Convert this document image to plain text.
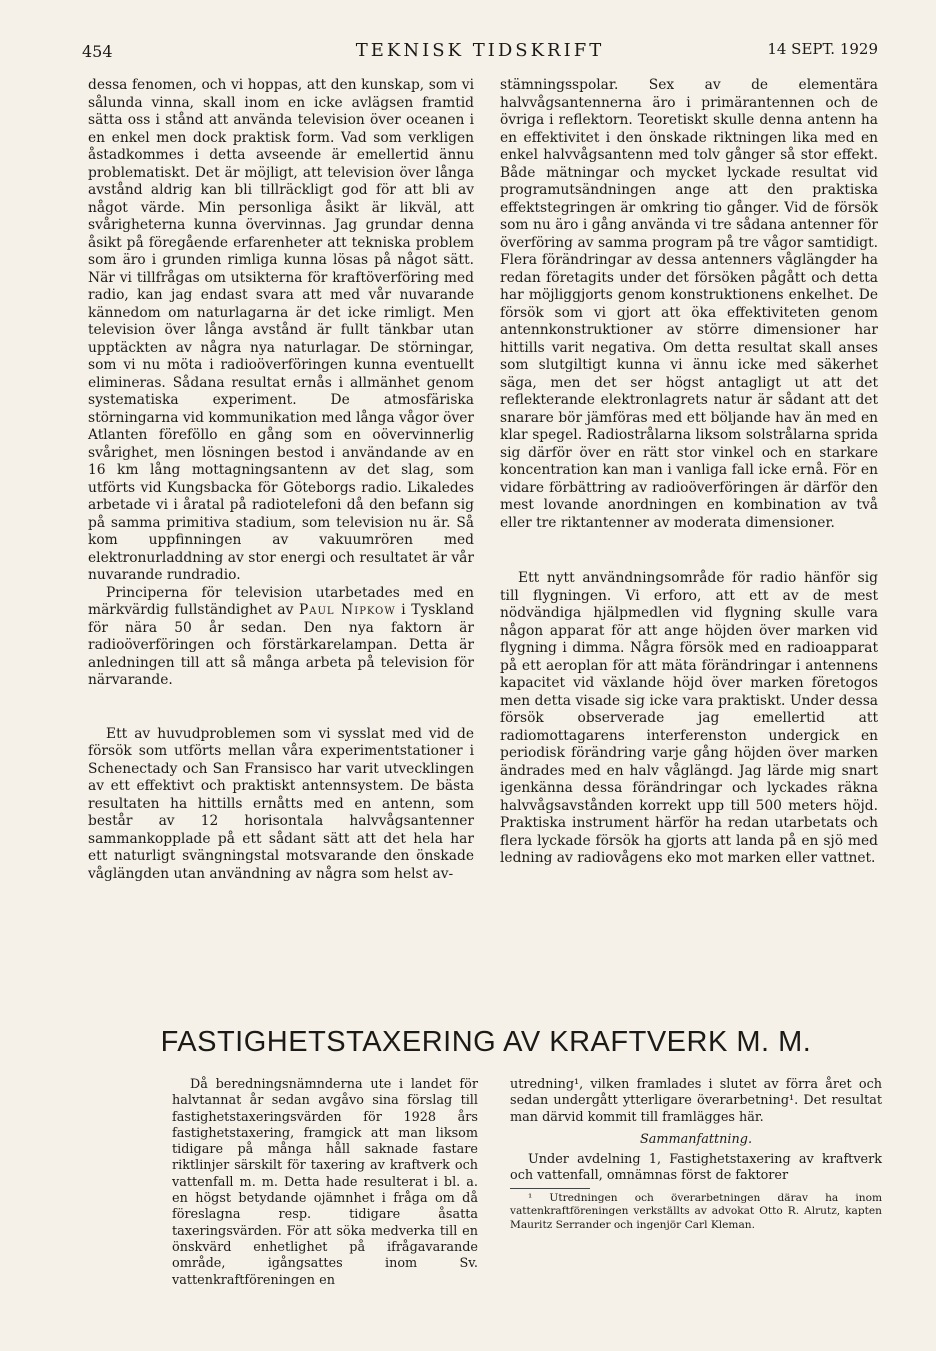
454	TEKNISK TIDSKRIFT	14 SEPT. 1929

dessa fenomen, och vi hoppas, att den kunskap, som vi sålunda vinna, skall inom en icke avlägsen framtid sätta oss i stånd att använda television över oceanen i en enkel men dock praktisk form. Vad som verkligen åstadkommes i detta avseende är emellertid ännu problematiskt. Det är möjligt, att television över långa avstånd aldrig kan bli tillräckligt god för att bli av något värde. Min personliga åsikt är likväl, att svårigheterna kunna övervinnas. Jag grundar denna åsikt på föregående erfarenheter att tekniska problem som äro i grunden rimliga kunna lösas på något sätt. När vi tillfrågas om utsikterna för kraftöverföring med radio, kan jag endast svara att med vår nuvarande kännedom om naturlagarna är det icke rimligt. Men television över långa avstånd är fullt tänkbar utan upptäckten av några nya naturlagar. De störningar, som vi nu möta i radioöverföringen kunna eventuellt elimineras. Sådana resultat ernås i allmänhet genom systematiska experiment. De atmosfäriska störningarna vid kommunikation med långa vågor över Atlanten föreföllo en gång som en oövervinnerlig svårighet, men lösningen bestod i användande av en 16 km lång mottagningsantenn av det slag, som utförts vid Kungsbacka för Göteborgs radio. Likaledes arbetade vi i åratal på radiotelefoni då den befann sig på samma primitiva stadium, som television nu är. Så kom uppfinningen av vakuumrören med elektronurladdning av stor energi och resultatet är vår nuvarande rundradio.

Principerna för television utarbetades med en märkvärdig fullständighet av Paul Nipkow i Tyskland för nära 50 år sedan. Den nya faktorn är radioöverföringen och förstärkarelampan. Detta är anledningen till att så många arbeta på television för närvarande.

Ett av huvudproblemen som vi sysslat med vid de försök som utförts mellan våra experimentstationer i Schenectady och San Fransisco har varit utvecklingen av ett effektivt och praktiskt antennsystem. De bästa resultaten ha hittills ernåtts med en antenn, som består av 12 horisontala halvvågsantenner sammankopplade på ett sådant sätt att det hela har ett naturligt svängningstal motsvarande den önskade våglängden utan användning av några som helst av-

stämningsspolar. Sex av de elementära halvvågsantennerna äro i primärantennen och de övriga i reflektorn. Teoretiskt skulle denna antenn ha en effektivitet i den önskade riktningen lika med en enkel halvvågsantenn med tolv gånger så stor effekt. Både mätningar och mycket lyckade resultat vid programutsändningen ange att den praktiska effektstegringen är omkring tio gånger. Vid de försök som nu äro i gång använda vi tre sådana antenner för överföring av samma program på tre vågor samtidigt. Flera förändringar av dessa antenners våglängder ha redan företagits under det försöken pågått och detta har möjliggjorts genom konstruktionens enkelhet. De försök som vi gjort att öka effektiviteten genom antennkonstruktioner av större dimensioner har hittills varit negativa. Om detta resultat skall anses som slutgiltigt kunna vi ännu icke med säkerhet säga, men det ser högst antagligt ut att det reflekterande elektronlagrets natur är sådant att det snarare bör jämföras med ett böljande hav än med en klar spegel. Radiostrålarna liksom solstrålarna sprida sig därför över en rätt stor vinkel och en starkare koncentration kan man i vanliga fall icke ernå. För en vidare förbättring av radioöverföringen är därför den mest lovande anordningen en kombination av två eller tre riktantenner av moderata dimensioner.

Ett nytt användningsområde för radio hänför sig till flygningen. Vi erforo, att ett av de mest nödvändiga hjälpmedlen vid flygning skulle vara någon apparat för att ange höjden över marken vid flygning i dimma. Några försök med en radioapparat på ett aeroplan för att mäta förändringar i antennens kapacitet vid växlande höjd över marken företogos men detta visade sig icke vara praktiskt. Under dessa försök observerade jag emellertid att radiomottagarens interferenston undergick en periodisk förändring varje gång höjden över marken ändrades med en halv våglängd. Jag lärde mig snart igenkänna dessa förändringar och lyckades räkna halvvågsavstånden korrekt upp till 500 meters höjd. Praktiska instrument härför ha redan utarbetats och flera lyckade försök ha gjorts att landa på en sjö med ledning av radiovågens eko mot marken eller vattnet.

FASTIGHETSTAXERING AV KRAFTVERK M. M.

Då beredningsnämnderna ute i landet för halvtannat år sedan avgåvo sina förslag till fastighetstaxeringsvärden för 1928 års fastighetstaxering, framgick att man liksom tidigare på många håll saknade fastare riktlinjer särskilt för taxering av kraftverk och vattenfall m. m. Detta hade resulterat i bl. a. en högst betydande ojämnhet i fråga om då föreslagna resp. tidigare åsatta taxeringsvärden. För att söka medverka till en önskvärd enhetlighet på ifrågavarande område, igångsattes inom Sv. vattenkraftföreningen en

utredning¹, vilken framlades i slutet av förra året och sedan undergått ytterligare överarbetning¹. Det resultat man därvid kommit till framlägges här.

Sammanfattning.

Under avdelning 1, Fastighetstaxering av kraftverk och vattenfall, omnämnas först de faktorer

¹ Utredningen och överarbetningen därav ha inom vattenkraftföreningen verkställts av advokat Otto R. Alrutz, kapten Mauritz Serrander och ingenjör Carl Kleman.
